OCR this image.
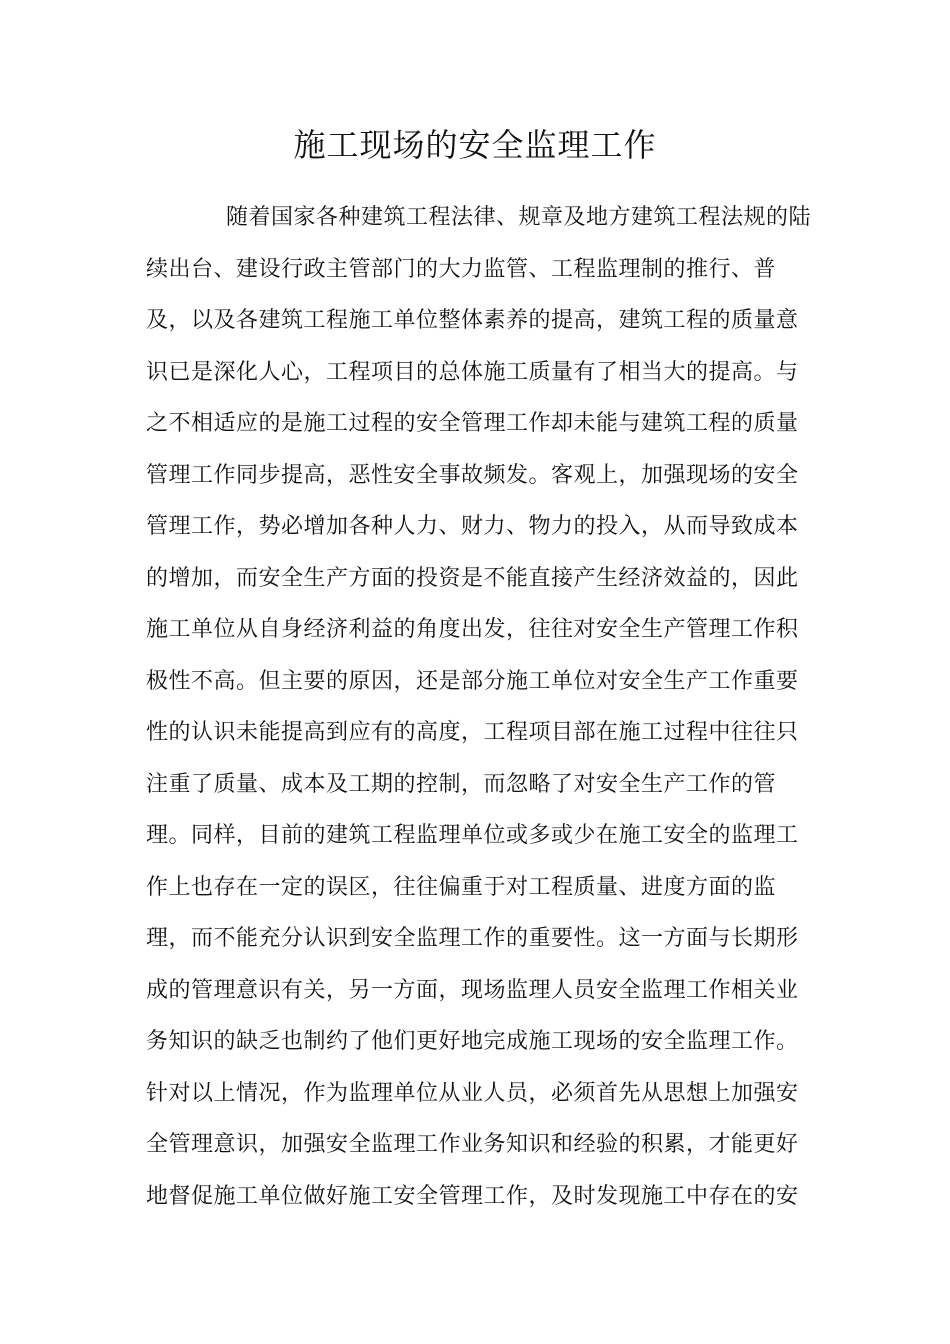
施工现场的安全监理工作
随着国家各种建筑工程法律、规章及地方建筑工程法规的陆
续出台、建设行政主管部门的大力监管、工程监理制的推行、普
及，以及各建筑工程施工单位整体素养的提高，建筑工程的质量意
识已是深化人心，工程项目的总体施工质量有了相当大的提高。与
之不相适应的是施工过程的安全管理工作却未能与建筑工程的质量
管理工作同步提高，恶性安全事故频发。客观上，加强现场的安全
管理工作，势必增加各种人力、财力、物力的投入，从而导致成本
的增加，而安全生产方面的投资是不能直接产生经济效益的，因此
施工单位从自身经济利益的角度出发，往往对安全生产管理工作积
极性不高。但主要的原因，还是部分施工单位对安全生产工作重要
性的认识未能提高到应有的高度，工程项目部在施工过程中往往只
注重了质量、成本及工期的控制，而忽略了对安全生产工作的管
理。同样，目前的建筑工程监理单位或多或少在施工安全的监理工
作上也存在一定的误区，往往偏重于对工程质量、进度方面的监
理，而不能充分认识到安全监理工作的重要性。这一方面与长期形
成的管理意识有关，另一方面，现场监理人员安全监理工作相关业
务知识的缺乏也制约了他们更好地完成施工现场的安全监理工作。
针对以上情况，作为监理单位从业人员，必须首先从思想上加强安
全管理意识，加强安全监理工作业务知识和经验的积累，才能更好
地督促施工单位做好施工安全管理工作，及时发现施工中存在的安
